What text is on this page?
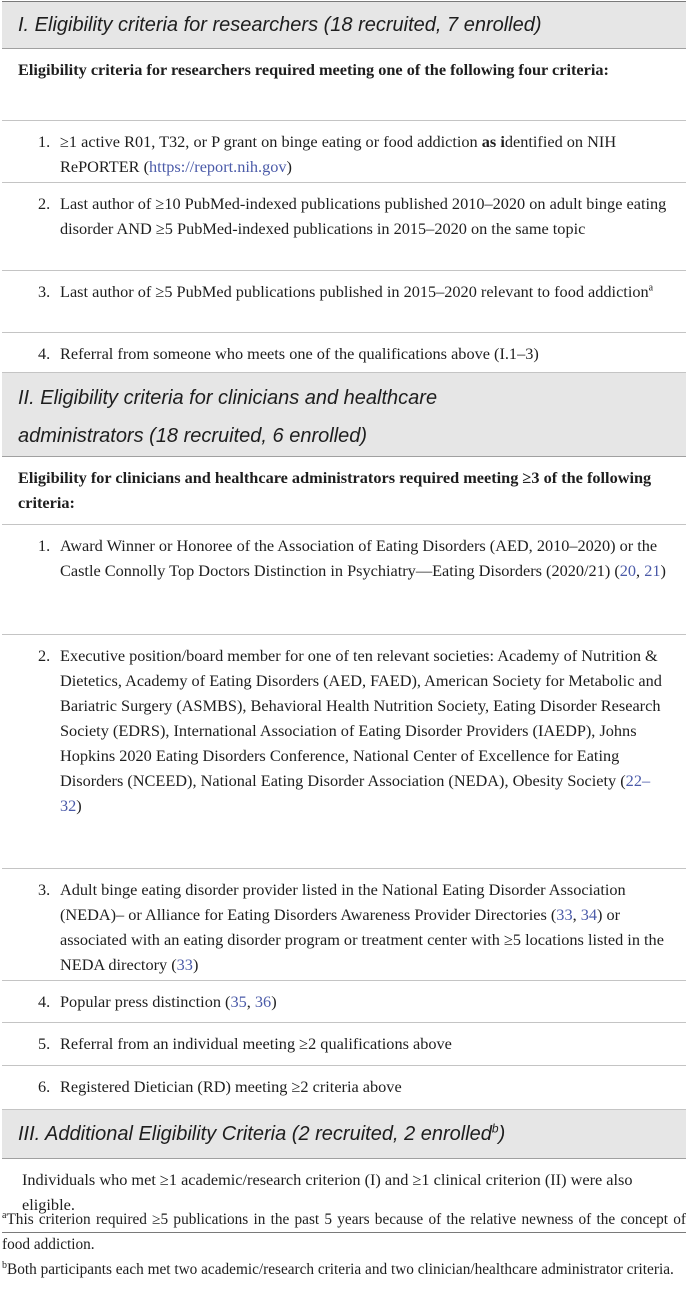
I. Eligibility criteria for researchers (18 recruited, 7 enrolled)
Eligibility criteria for researchers required meeting one of the following four criteria:
1. ≥1 active R01, T32, or P grant on binge eating or food addiction as identified on NIH RePORTER (https://report.nih.gov)
2. Last author of ≥10 PubMed-indexed publications published 2010–2020 on adult binge eating disorder AND ≥5 PubMed-indexed publications in 2015–2020 on the same topic
3. Last author of ≥5 PubMed publications published in 2015–2020 relevant to food addiction$^a$
4. Referral from someone who meets one of the qualifications above (I.1–3)
II. Eligibility criteria for clinicians and healthcare
administrators (18 recruited, 6 enrolled)
Eligibility for clinicians and healthcare administrators required meeting ≥3 of the following criteria:
1. Award Winner or Honoree of the Association of Eating Disorders (AED, 2010–2020) or the Castle Connolly Top Doctors Distinction in Psychiatry—Eating Disorders (2020/21) (20, 21)
2. Executive position/board member for one of ten relevant societies: Academy of Nutrition & Dietetics, Academy of Eating Disorders (AED, FAED), American Society for Metabolic and Bariatric Surgery (ASMBS), Behavioral Health Nutrition Society, Eating Disorder Research Society (EDRS), International Association of Eating Disorder Providers (IAEDP), Johns Hopkins 2020 Eating Disorders Conference, National Center of Excellence for Eating Disorders (NCEED), National Eating Disorder Association (NEDA), Obesity Society (22–32)
3. Adult binge eating disorder provider listed in the National Eating Disorder Association (NEDA)– or Alliance for Eating Disorders Awareness Provider Directories (33, 34) or associated with an eating disorder program or treatment center with ≥5 locations listed in the NEDA directory (33)
4. Popular press distinction (35, 36)
5. Referral from an individual meeting ≥2 qualifications above
6. Registered Dietician (RD) meeting ≥2 criteria above
III. Additional Eligibility Criteria (2 recruited, 2 enrolled$^b$)
Individuals who met ≥1 academic/research criterion (I) and ≥1 clinical criterion (II) were also eligible.
$^a$This criterion required ≥5 publications in the past 5 years because of the relative newness of the concept of food addiction.
$^b$Both participants each met two academic/research criteria and two clinician/healthcare administrator criteria.
